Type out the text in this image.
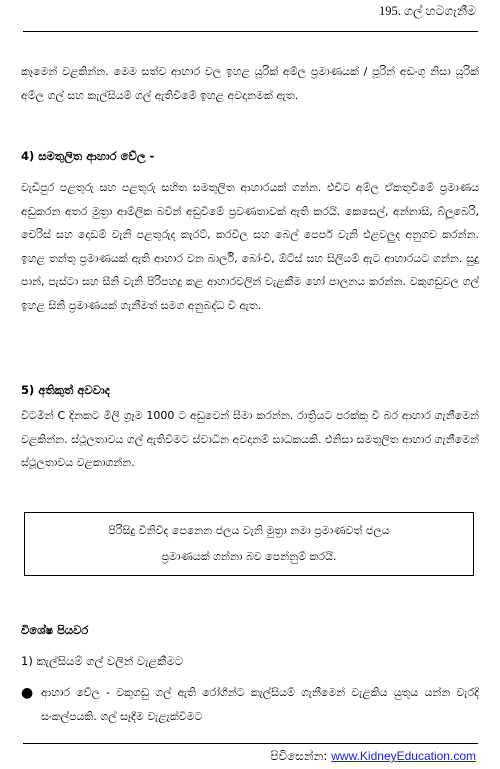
195. ගල් හටගැනීම

කෑමෙන් වළකින්න. මෙම සත්ව ආහාර වල ඉහළ යූරික් අම්ල ප්‍රමාණයක් / පූරින් අඩංගු නිසා යූරික් අම්ල ගල් සහ කැල්සියම් ගල් ඇතිවීමේ ඉහළ අවදානමක් ඇත.

4) සමතුලිත ආහාර වේල -

වැඩිපුර පළතුරු සහ පළතුරු සහිත සමතුලිත ආහාරයක් ගන්න. එවිට අම්ල ඒකතුවීමේ ප්‍රමාණය අඩුකරන අතර මුත්‍රා ආම්ලික බවින් අඩුවීමේ ප්‍රවණතාවක් ඇති කරයි. කෙසෙල්, අන්නාසි, බ්ලූබෙරි, චෙරිස් සහ දොඩම් වැනි පළතුරුද කැරට්, කරවිල සහ බෙල් පෙපර් වැනි එළවලුද අනුගව කරන්න. ඉහළ තන්තු ප්‍රමාණයක් ඇති ආහාර වන බාර්ලි, බෝංචි, ඕට්ස් සහ සිලියම් ඇට ආහාරයට ගන්න. සුදු පාන්, පැස්ටා සහ සීනි වැනි පිරිපහදු කළ ආහාරවලින් වැළකීම හෝ පාලනය කරන්න. වකුගඩුවල ගල් ඉහළ සිනි ප්‍රමාණයක් ගැනීමත් සමග අනුබද්ධ වී ඇත.

5) අතිකුත් අවවාද

විටමින් C දිනකට මිලි ග්‍රෑම 1000 ට අඩුවෙන් සීමා කරන්න. රාත්‍රියට පරක්කු වී බර ආහාර ගැනීමෙන් වළකින්න. ස්ථූලතාවය ගල් ඇතිවීමට ස්වාධීන අවදානම් සාධකයකි. එනිසා සමතුලිත ආහාර ගැනීමෙන් ස්ථූලතාවය වළකාගන්න.

පිරිසිදු විනිවිද පෙනෙන ජලය වැනි මුත්‍රා නමා ප්‍රමාණවත් ජලය
ප්‍රමාණයක් ගන්නා බව පෙන්නුම් කරයි.
විශේෂ පියවර

1) කැල්සියම් ගල් වලින් වැළකීමට

● ආහාර වේල - වකුගඩු ගල් ඇති රෝගීන්ට කැල්සියම් ගැනීමෙන් වැළකිය යුතුය යන්න වැරදි සංකල්පයකි. ගල් සෑදීම වැළැක්වීමට
පිවිසෙන්න: www.KidneyEducation.com
